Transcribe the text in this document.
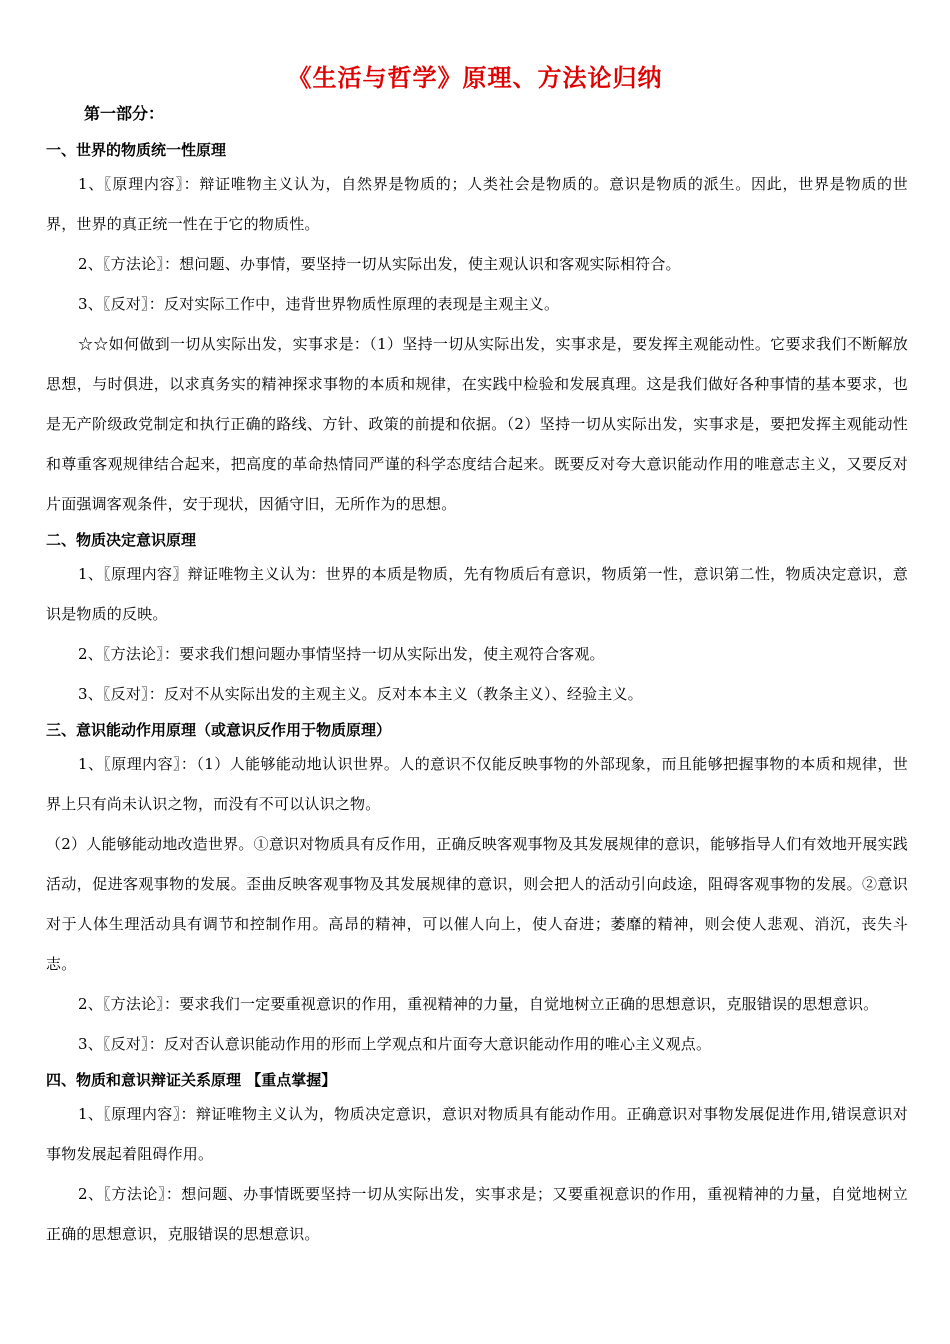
《生活与哲学》原理、方法论归纳
第一部分：

一、世界的物质统一性原理

1、〖原理内容〗：辩证唯物主义认为，自然界是物质的；人类社会是物质的。意识是物质的派生。因此，世界是物质的世界，世界的真正统一性在于它的物质性。

2、〖方法论〗：想问题、办事情，要坚持一切从实际出发，使主观认识和客观实际相符合。

3、〖反对〗：反对实际工作中，违背世界物质性原理的表现是主观主义。

☆☆如何做到一切从实际出发，实事求是：（1）坚持一切从实际出发，实事求是，要发挥主观能动性。它要求我们不断解放思想，与时俱进，以求真务实的精神探求事物的本质和规律，在实践中检验和发展真理。这是我们做好各种事情的基本要求，也是无产阶级政党制定和执行正确的路线、方针、政策的前提和依据。（2）坚持一切从实际出发，实事求是，要把发挥主观能动性和尊重客观规律结合起来，把高度的革命热情同严谨的科学态度结合起来。既要反对夸大意识能动作用的唯意志主义，又要反对片面强调客观条件，安于现状，因循守旧，无所作为的思想。

二、物质决定意识原理

1、〖原理内容〗辩证唯物主义认为：世界的本质是物质，先有物质后有意识，物质第一性，意识第二性，物质决定意识，意识是物质的反映。

2、〖方法论〗：要求我们想问题办事情坚持一切从实际出发，使主观符合客观。

3、〖反对〗：反对不从实际出发的主观主义。反对本本主义（教条主义）、经验主义。

三、意识能动作用原理（或意识反作用于物质原理）

1、〖原理内容〗：（1）人能够能动地认识世界。人的意识不仅能反映事物的外部现象，而且能够把握事物的本质和规律，世界上只有尚未认识之物，而没有不可以认识之物。

（2）人能够能动地改造世界。①意识对物质具有反作用，正确反映客观事物及其发展规律的意识，能够指导人们有效地开展实践活动，促进客观事物的发展。歪曲反映客观事物及其发展规律的意识，则会把人的活动引向歧途，阻碍客观事物的发展。②意识对于人体生理活动具有调节和控制作用。高昂的精神，可以催人向上，使人奋进；萎靡的精神，则会使人悲观、消沉，丧失斗志。

2、〖方法论〗：要求我们一定要重视意识的作用，重视精神的力量，自觉地树立正确的思想意识，克服错误的思想意识。

3、〖反对〗：反对否认意识能动作用的形而上学观点和片面夸大意识能动作用的唯心主义观点。

四、物质和意识辩证关系原理 【重点掌握】

1、〖原理内容〗：辩证唯物主义认为，物质决定意识，意识对物质具有能动作用。正确意识对事物发展促进作用,错误意识对事物发展起着阻碍作用。

2、〖方法论〗：想问题、办事情既要坚持一切从实际出发，实事求是；又要重视意识的作用，重视精神的力量，自觉地树立正确的思想意识，克服错误的思想意识。
